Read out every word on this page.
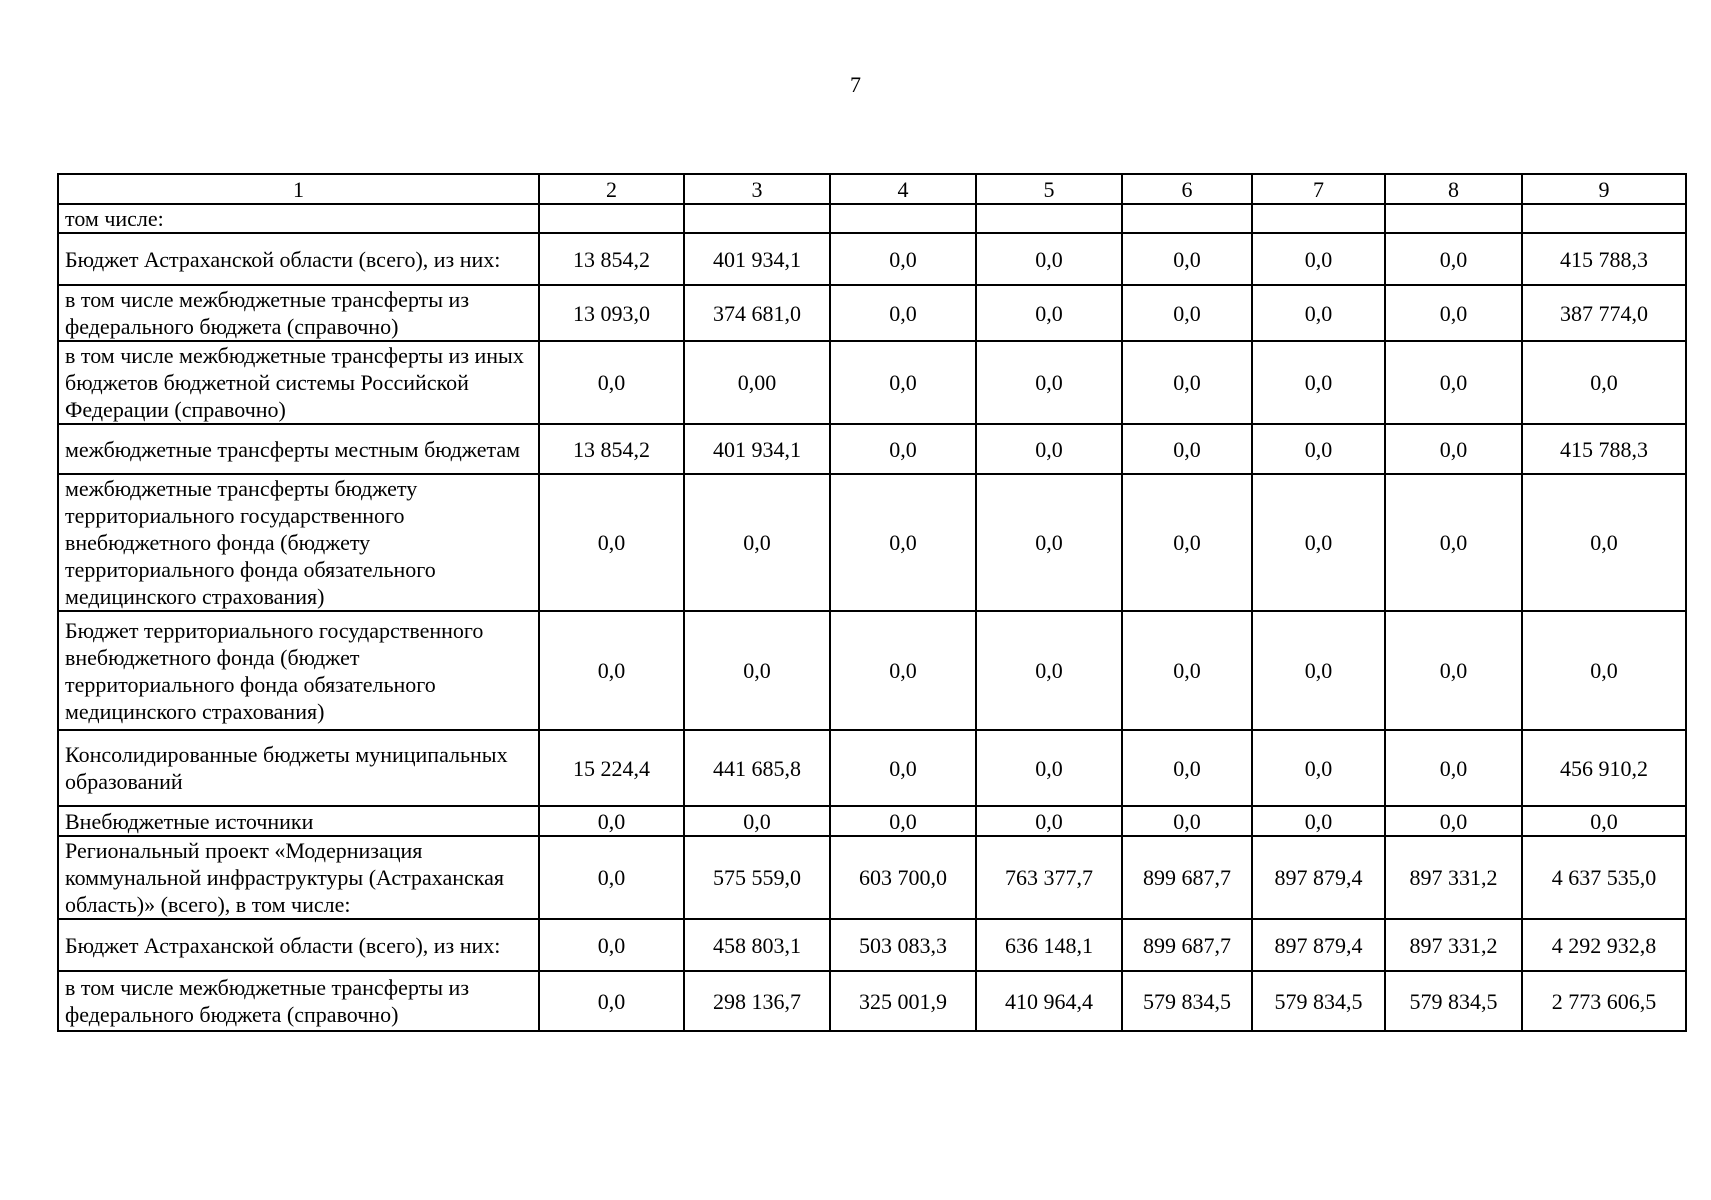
7
1	2	3	4	5	6	7	8	9
том числе:								
Бюджет Астраханской области (всего), из них:	13 854,2	401 934,1	0,0	0,0	0,0	0,0	0,0	415 788,3
в том числе межбюджетные трансферты из федерального бюджета (справочно)	13 093,0	374 681,0	0,0	0,0	0,0	0,0	0,0	387 774,0
в том числе межбюджетные трансферты из иных бюджетов бюджетной системы Российской Федерации (справочно)	0,0	0,00	0,0	0,0	0,0	0,0	0,0	0,0
межбюджетные трансферты местным бюджетам	13 854,2	401 934,1	0,0	0,0	0,0	0,0	0,0	415 788,3
межбюджетные трансферты бюджету территориального государственного внебюджетного фонда (бюджету территориального фонда обязательного медицинского страхования)	0,0	0,0	0,0	0,0	0,0	0,0	0,0	0,0
Бюджет территориального государственного внебюджетного фонда (бюджет территориального фонда обязательного медицинского страхования)	0,0	0,0	0,0	0,0	0,0	0,0	0,0	0,0
Консолидированные бюджеты муниципальных образований	15 224,4	441 685,8	0,0	0,0	0,0	0,0	0,0	456 910,2
Внебюджетные источники	0,0	0,0	0,0	0,0	0,0	0,0	0,0	0,0
Региональный проект «Модернизация коммунальной инфраструктуры (Астраханская область)» (всего), в том числе:	0,0	575 559,0	603 700,0	763 377,7	899 687,7	897 879,4	897 331,2	4 637 535,0
Бюджет Астраханской области (всего), из них:	0,0	458 803,1	503 083,3	636 148,1	899 687,7	897 879,4	897 331,2	4 292 932,8
в том числе межбюджетные трансферты из федерального бюджета (справочно)	0,0	298 136,7	325 001,9	410 964,4	579 834,5	579 834,5	579 834,5	2 773 606,5
